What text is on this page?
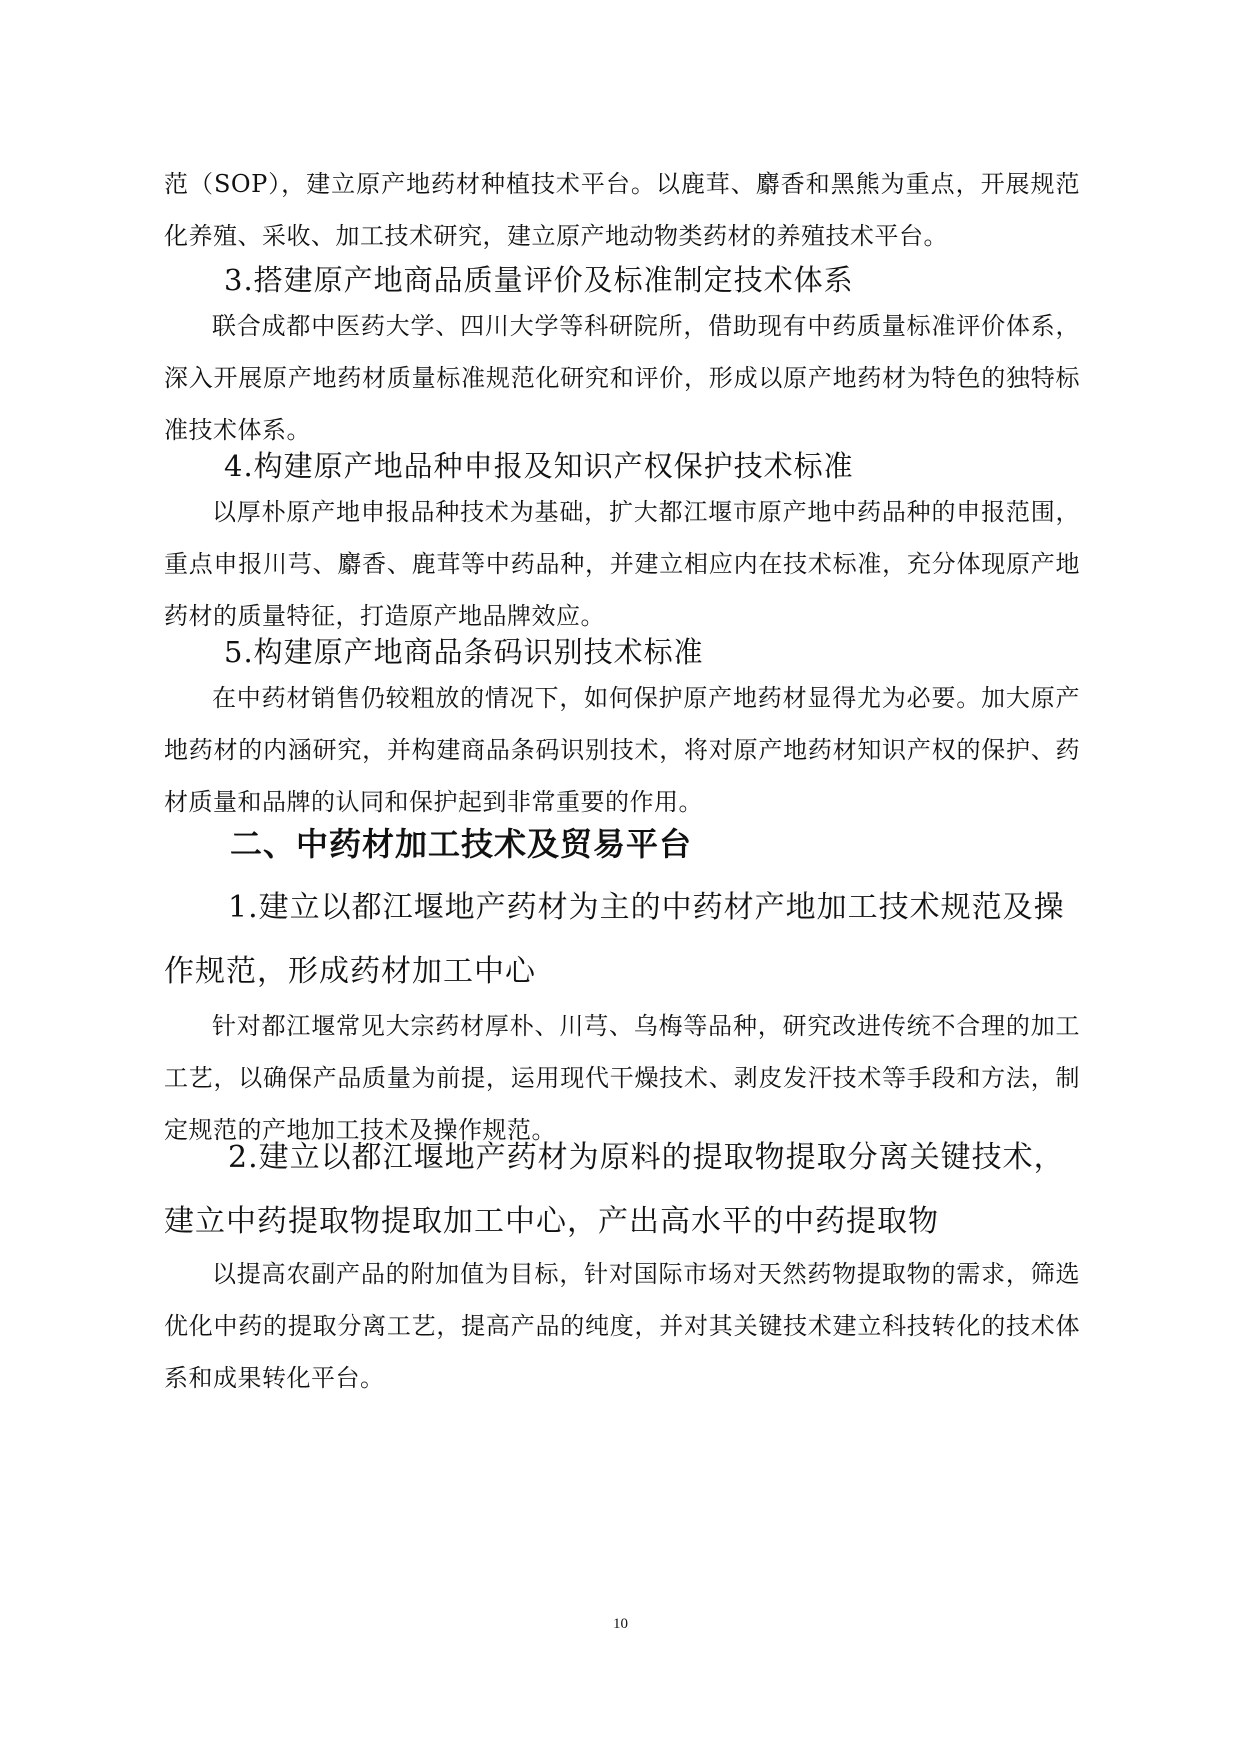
范（SOP），建立原产地药材种植技术平台。以鹿茸、麝香和黑熊为重点，开展规范化养殖、采收、加工技术研究，建立原产地动物类药材的养殖技术平台。

3.搭建原产地商品质量评价及标准制定技术体系

联合成都中医药大学、四川大学等科研院所，借助现有中药质量标准评价体系，深入开展原产地药材质量标准规范化研究和评价，形成以原产地药材为特色的独特标准技术体系。

4.构建原产地品种申报及知识产权保护技术标准

以厚朴原产地申报品种技术为基础，扩大都江堰市原产地中药品种的申报范围，重点申报川芎、麝香、鹿茸等中药品种，并建立相应内在技术标准，充分体现原产地药材的质量特征，打造原产地品牌效应。

5.构建原产地商品条码识别技术标准

在中药材销售仍较粗放的情况下，如何保护原产地药材显得尤为必要。加大原产地药材的内涵研究，并构建商品条码识别技术，将对原产地药材知识产权的保护、药材质量和品牌的认同和保护起到非常重要的作用。

二、中药材加工技术及贸易平台

1.建立以都江堰地产药材为主的中药材产地加工技术规范及操作规范，形成药材加工中心

针对都江堰常见大宗药材厚朴、川芎、乌梅等品种，研究改进传统不合理的加工工艺，以确保产品质量为前提，运用现代干燥技术、剥皮发汗技术等手段和方法，制定规范的产地加工技术及操作规范。

2.建立以都江堰地产药材为原料的提取物提取分离关键技术，建立中药提取物提取加工中心，产出高水平的中药提取物

以提高农副产品的附加值为目标，针对国际市场对天然药物提取物的需求，筛选优化中药的提取分离工艺，提高产品的纯度，并对其关键技术建立科技转化的技术体系和成果转化平台。

10
